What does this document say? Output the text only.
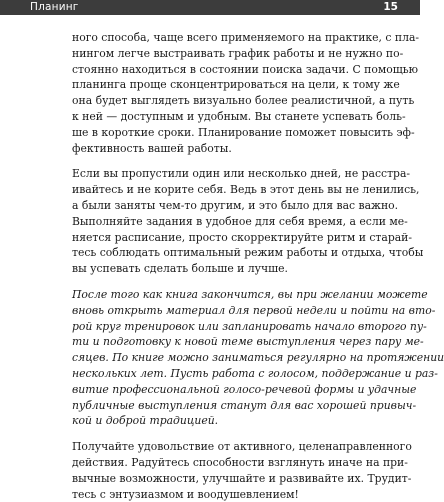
Планинг	15
ного способа, чаще всего применяемого на практике, с пла-
нингом легче выстраивать график работы и не нужно по-
стоянно находиться в состоянии поиска задачи. С помощью
планинга проще сконцентрироваться на цели, к тому же
она будет выглядеть визуально более реалистичной, а путь
к ней — доступным и удобным. Вы станете успевать боль-
ше в короткие сроки. Планирование поможет повысить эф-
фективность вашей работы.
Если вы пропустили один или несколько дней, не расстра-
ивайтесь и не корите себя. Ведь в этот день вы не ленились,
а были заняты чем-то другим, и это было для вас важно.
Выполняйте задания в удобное для себя время, а если ме-
няется расписание, просто скорректируйте ритм и старай-
тесь соблюдать оптимальный режим работы и отдыха, чтобы
вы успевать сделать больше и лучше.
После того как книга закончится, вы при желании можете
вновь открыть материал для первой недели и пойти на вто-
рой круг тренировок или запланировать начало второго пу-
ти и подготовку к новой теме выступления через пару ме-
сяцев. По книге можно заниматься регулярно на протяжении
нескольких лет. Пусть работа с голосом, поддержание и раз-
витие профессиональной голосо-речевой формы и удачные
публичные выступления станут для вас хорошей привыч-
кой и доброй традицией.
Получайте удовольствие от активного, целенаправленного
действия. Радуйтесь способности взглянуть иначе на при-
вычные возможности, улучшайте и развивайте их. Трудит-
тесь с энтузиазмом и воодушевлением!
